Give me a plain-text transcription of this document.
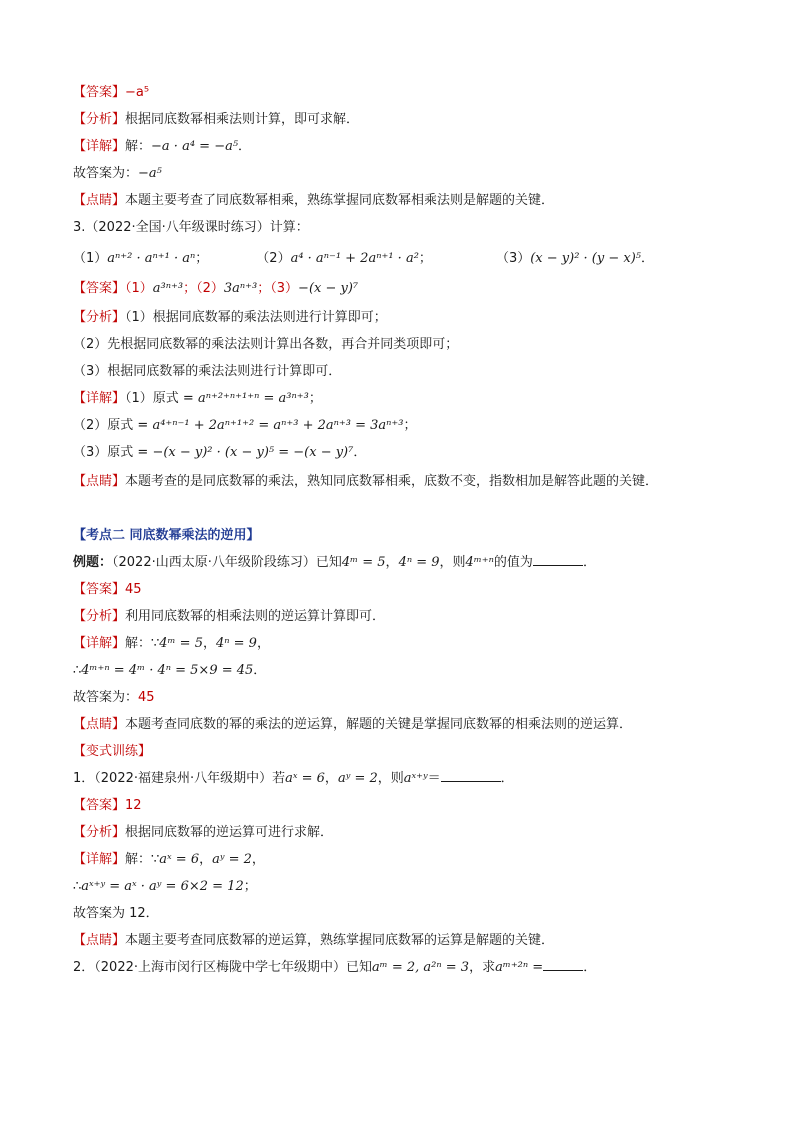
【答案】−a⁵
【分析】根据同底数幂相乘法则计算，即可求解．
【详解】解：−a · a⁴ = −a⁵．
故答案为：−a⁵
【点睛】本题主要考查了同底数幂相乘，熟练掌握同底数幂相乘法则是解题的关键．
3.（2022·全国·八年级课时练习）计算：
（1）aⁿ⁺² · aⁿ⁺¹ · aⁿ；	（2）a⁴ · aⁿ⁻¹ + 2aⁿ⁺¹ · a²；	（3）(x − y)² · (y − x)⁵．
【答案】（1）a³ⁿ⁺³；（2）3aⁿ⁺³；（3）−(x − y)⁷
【分析】（1）根据同底数幂的乘法法则进行计算即可；
（2）先根据同底数幂的乘法法则计算出各数，再合并同类项即可；
（3）根据同底数幂的乘法法则进行计算即可．
【详解】（1）原式 = aⁿ⁺²⁺ⁿ⁺¹⁺ⁿ = a³ⁿ⁺³；
（2）原式 = a⁴⁺ⁿ⁻¹ + 2aⁿ⁺¹⁺² = aⁿ⁺³ + 2aⁿ⁺³ = 3aⁿ⁺³；
（3）原式 = −(x − y)² · (x − y)⁵ = −(x − y)⁷．
【点睛】本题考查的是同底数幂的乘法，熟知同底数幂相乘，底数不变，指数相加是解答此题的关键．
【考点二 同底数幂乘法的逆用】
例题：（2022·山西太原·八年级阶段练习）已知4ᵐ = 5，4ⁿ = 9，则4ᵐ⁺ⁿ的值为	．
【答案】45
【分析】利用同底数幂的相乘法则的逆运算计算即可．
【详解】解：∵4ᵐ = 5，4ⁿ = 9，
∴4ᵐ⁺ⁿ = 4ᵐ · 4ⁿ = 5×9 = 45．
故答案为：45
【点睛】本题考查同底数的幂的乘法的逆运算，解题的关键是掌握同底数幂的相乘法则的逆运算．
【变式训练】
1．（2022·福建泉州·八年级期中）若aˣ = 6，aʸ = 2，则aˣ⁺ʸ＝	．
【答案】12
【分析】根据同底数幂的逆运算可进行求解．
【详解】解：∵aˣ = 6，aʸ = 2，
∴aˣ⁺ʸ = aˣ · aʸ = 6×2 = 12；
故答案为 12．
【点睛】本题主要考查同底数幂的逆运算，熟练掌握同底数幂的运算是解题的关键．
2．（2022·上海市闵行区梅陇中学七年级期中）已知aᵐ = 2, a²ⁿ = 3，求aᵐ⁺²ⁿ =	．
